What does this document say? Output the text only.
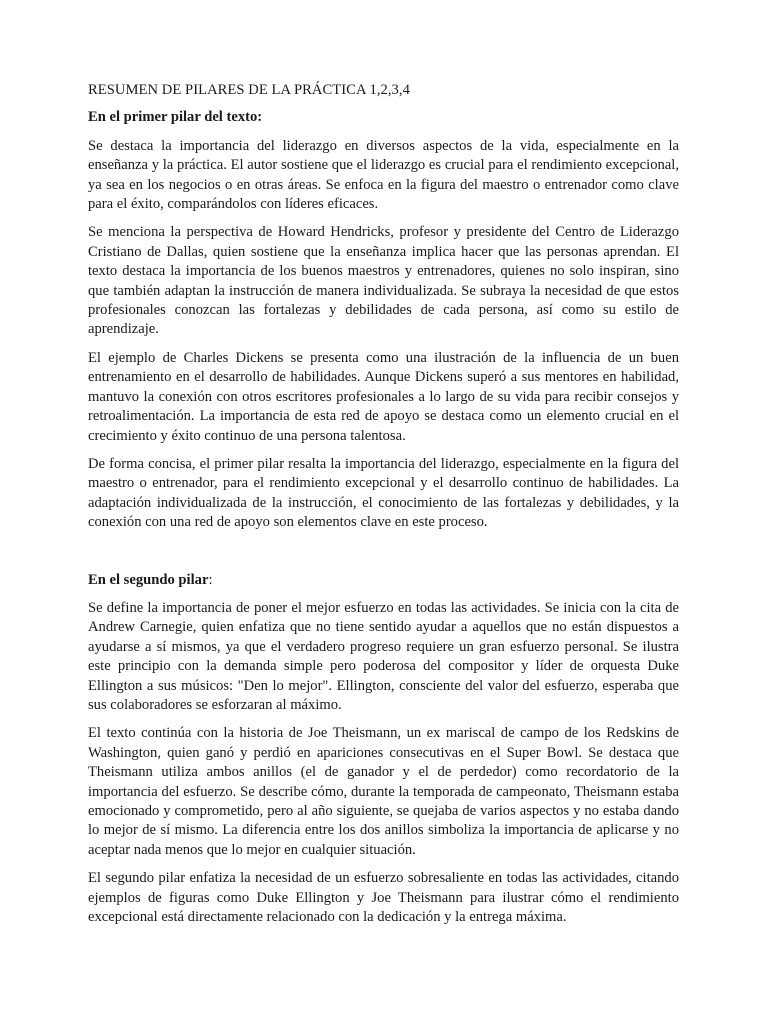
RESUMEN DE PILARES DE LA PRÁCTICA 1,2,3,4
En el primer pilar del texto:

Se destaca la importancia del liderazgo en diversos aspectos de la vida, especialmente en la enseñanza y la práctica. El autor sostiene que el liderazgo es crucial para el rendimiento excepcional, ya sea en los negocios o en otras áreas. Se enfoca en la figura del maestro o entrenador como clave para el éxito, comparándolos con líderes eficaces.

Se menciona la perspectiva de Howard Hendricks, profesor y presidente del Centro de Liderazgo Cristiano de Dallas, quien sostiene que la enseñanza implica hacer que las personas aprendan. El texto destaca la importancia de los buenos maestros y entrenadores, quienes no solo inspiran, sino que también adaptan la instrucción de manera individualizada. Se subraya la necesidad de que estos profesionales conozcan las fortalezas y debilidades de cada persona, así como su estilo de aprendizaje.

El ejemplo de Charles Dickens se presenta como una ilustración de la influencia de un buen entrenamiento en el desarrollo de habilidades. Aunque Dickens superó a sus mentores en habilidad, mantuvo la conexión con otros escritores profesionales a lo largo de su vida para recibir consejos y retroalimentación. La importancia de esta red de apoyo se destaca como un elemento crucial en el crecimiento y éxito continuo de una persona talentosa.

De forma concisa, el primer pilar resalta la importancia del liderazgo, especialmente en la figura del maestro o entrenador, para el rendimiento excepcional y el desarrollo continuo de habilidades. La adaptación individualizada de la instrucción, el conocimiento de las fortalezas y debilidades, y la conexión con una red de apoyo son elementos clave en este proceso.

En el segundo pilar:

Se define la importancia de poner el mejor esfuerzo en todas las actividades. Se inicia con la cita de Andrew Carnegie, quien enfatiza que no tiene sentido ayudar a aquellos que no están dispuestos a ayudarse a sí mismos, ya que el verdadero progreso requiere un gran esfuerzo personal. Se ilustra este principio con la demanda simple pero poderosa del compositor y líder de orquesta Duke Ellington a sus músicos: "Den lo mejor". Ellington, consciente del valor del esfuerzo, esperaba que sus colaboradores se esforzaran al máximo.

El texto continúa con la historia de Joe Theismann, un ex mariscal de campo de los Redskins de Washington, quien ganó y perdió en apariciones consecutivas en el Super Bowl. Se destaca que Theismann utiliza ambos anillos (el de ganador y el de perdedor) como recordatorio de la importancia del esfuerzo. Se describe cómo, durante la temporada de campeonato, Theismann estaba emocionado y comprometido, pero al año siguiente, se quejaba de varios aspectos y no estaba dando lo mejor de sí mismo. La diferencia entre los dos anillos simboliza la importancia de aplicarse y no aceptar nada menos que lo mejor en cualquier situación.

El segundo pilar enfatiza la necesidad de un esfuerzo sobresaliente en todas las actividades, citando ejemplos de figuras como Duke Ellington y Joe Theismann para ilustrar cómo el rendimiento excepcional está directamente relacionado con la dedicación y la entrega máxima.
